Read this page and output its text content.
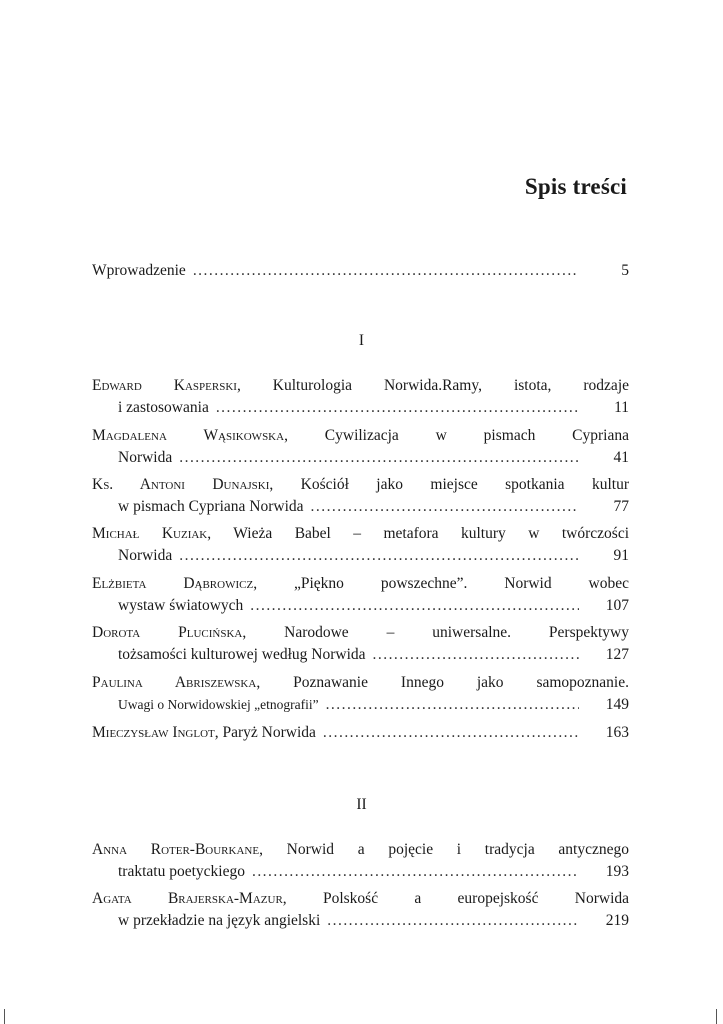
Spis treści
Wprowadzenie . . .	5
I
Edward Kasperski, Kulturologia Norwida.Ramy, istota, rodzaje
i zastosowania . . .	11
Magdalena Wąsikowska, Cywilizacja w pismach Cypriana
Norwida . . .	41
Ks. Antoni Dunajski, Kościół jako miejsce spotkania kultur
w pismach Cypriana Norwida . . .	77
Michał Kuziak, Wieża Babel – metafora kultury w twórczości
Norwida . . .	91
Elżbieta Dąbrowicz, „Piękno powszechne”. Norwid wobec
wystaw światowych . . .	107
Dorota Plucińska, Narodowe – uniwersalne. Perspektywy
tożsamości kulturowej według Norwida . . .	127
Paulina Abriszewska, Poznawanie Innego jako samopoznanie.
Uwagi o Norwidowskiej „etnografii” . . .	149
Mieczysław Inglot, Paryż Norwida . . .	163
II
Anna Roter-Bourkane, Norwid a pojęcie i tradycja antycznego
traktatu poetyckiego . . .	193
Agata Brajerska-Mazur, Polskość a europejskość Norwida
w przekładzie na język angielski . . .	219
